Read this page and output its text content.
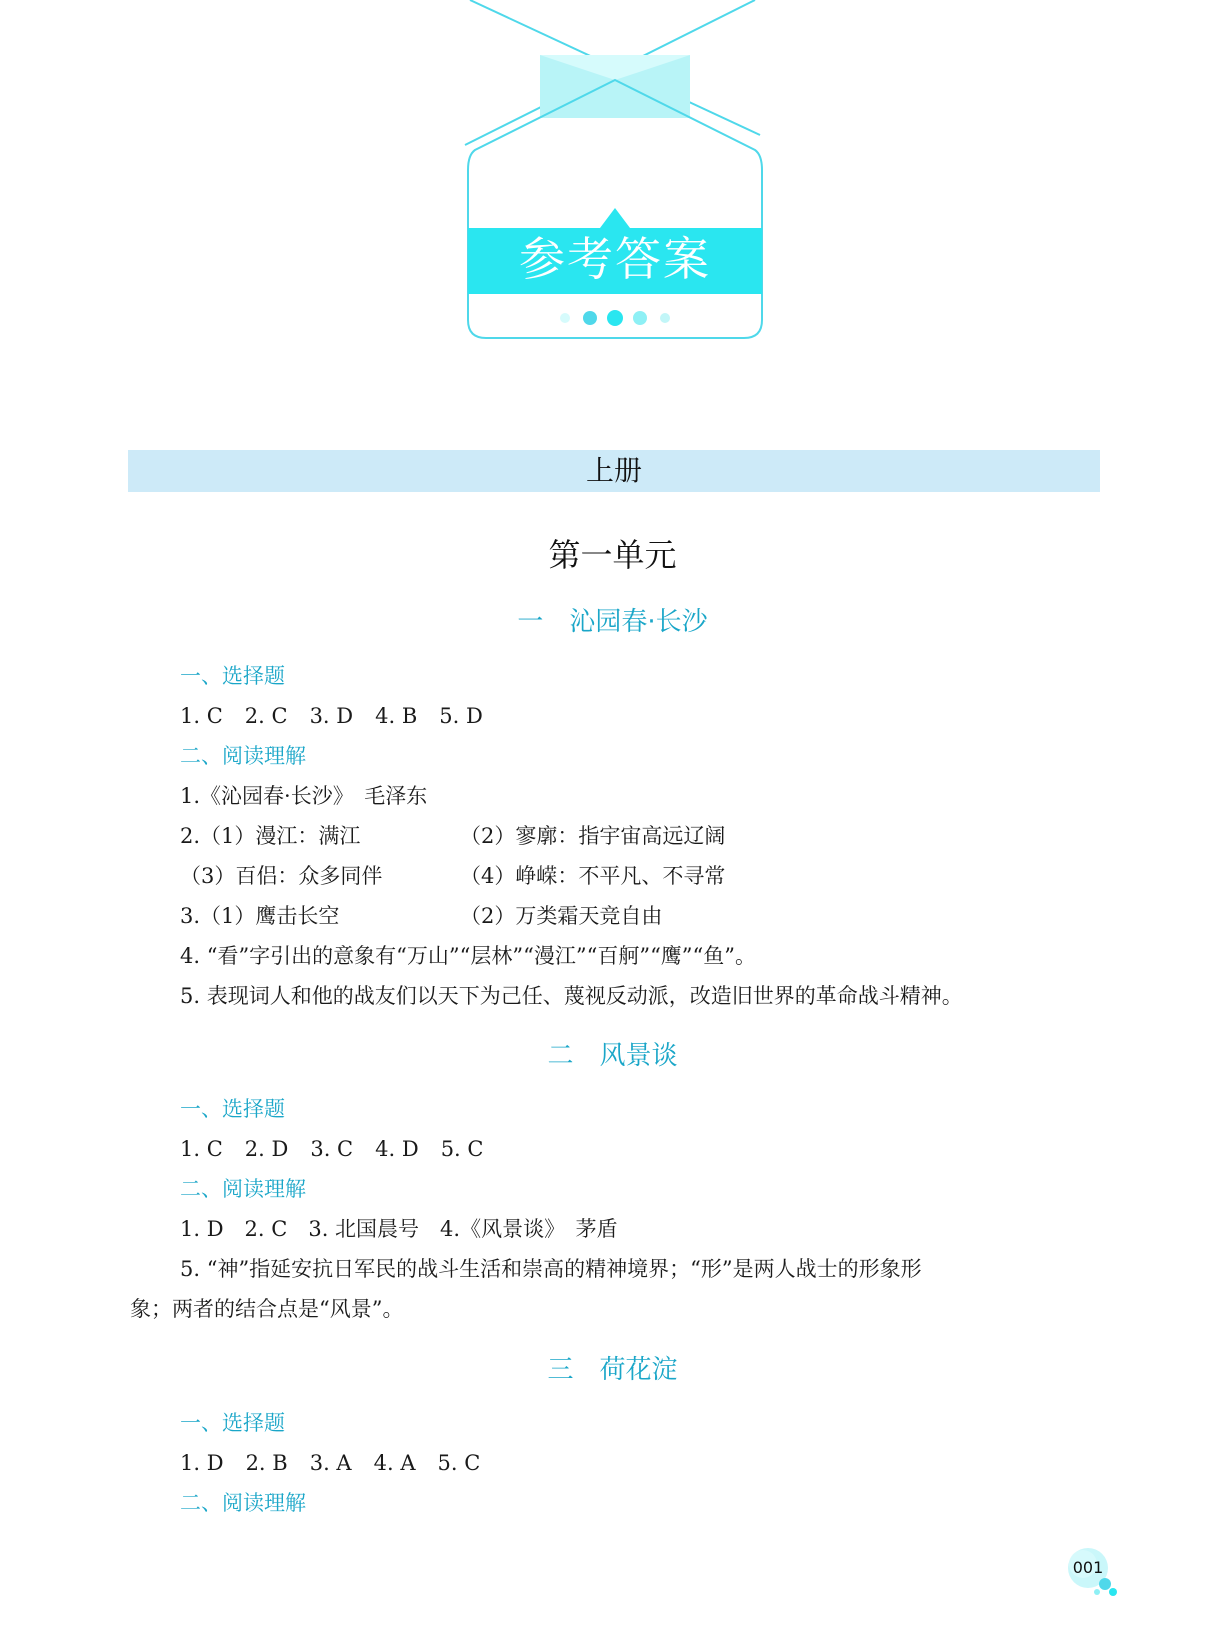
参考答案
上册
第一单元
一 沁园春·长沙
一、选择题
1. C 2. C 3. D 4. B 5. D
二、阅读理解
1.《沁园春·长沙》　毛泽东
2.（1）漫江：满江	（2）寥廓：指宇宙高远辽阔
（3）百侣：众多同伴	（4）峥嵘：不平凡、不寻常
3.（1）鹰击长空	（2）万类霜天竞自由
4. “看”字引出的意象有“万山”“层林”“漫江”“百舸”“鹰”“鱼”。
5. 表现词人和他的战友们以天下为己任、蔑视反动派，改造旧世界的革命战斗精神。
二 风景谈
一、选择题
1. C 2. D 3. C 4. D 5. C
二、阅读理解
1. D　2. C　3. 北国晨号　4.《风景谈》　茅盾
5. “神”指延安抗日军民的战斗生活和崇高的精神境界；“形”是两人战士的形象形
象；两者的结合点是“风景”。
三 荷花淀
一、选择题
1. D 2. B 3. A 4. A 5. C
二、阅读理解
001
